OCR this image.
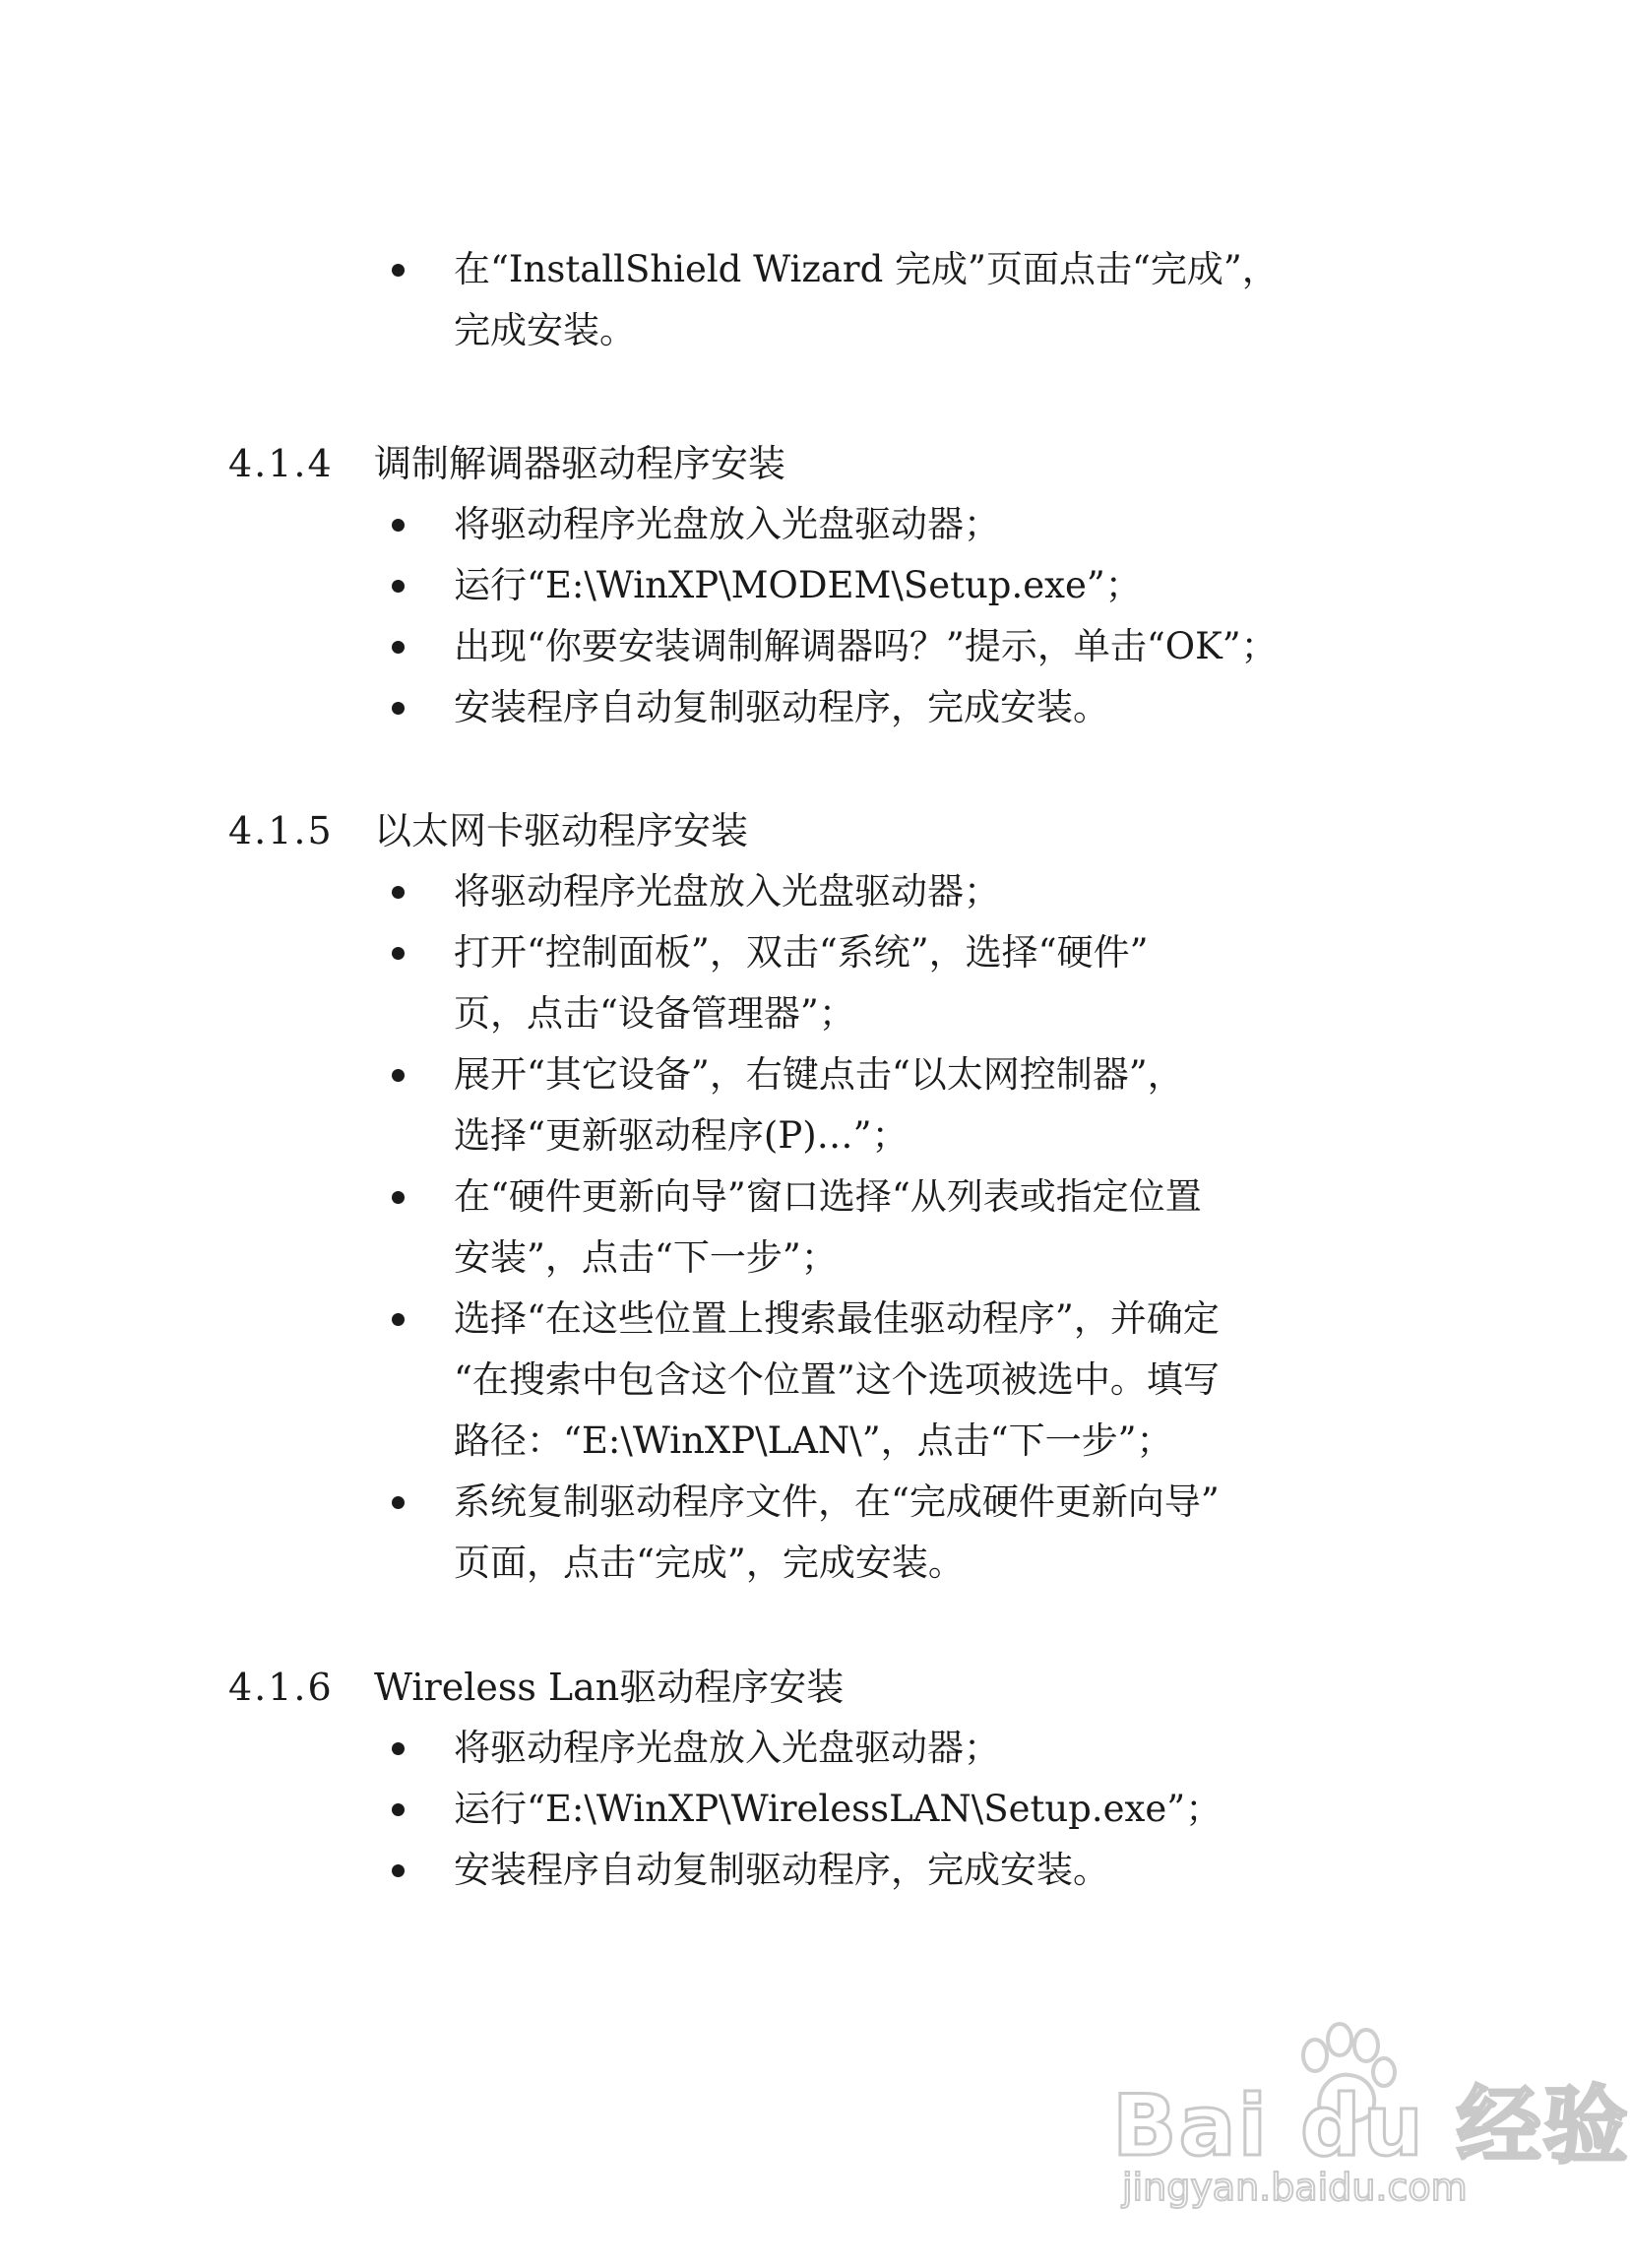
在“InstallShield Wizard 完成”页面点击“完成”，
完成安装。
4.1.4 调制解调器驱动程序安装
将驱动程序光盘放入光盘驱动器；
运行“E:\WinXP\MODEM\Setup.exe”；
出现“你要安装调制解调器吗？”提示，单击“OK”；
安装程序自动复制驱动程序，完成安装。
4.1.5 以太网卡驱动程序安装
将驱动程序光盘放入光盘驱动器；
打开“控制面板”，双击“系统”，选择“硬件”
页，点击“设备管理器”；
展开“其它设备”，右键点击“以太网控制器”，
选择“更新驱动程序(P)…”；
在“硬件更新向导”窗口选择“从列表或指定位置
安装”，点击“下一步”；
选择“在这些位置上搜索最佳驱动程序”，并确定
“在搜索中包含这个位置”这个选项被选中。填写
路径：“E:\WinXP\LAN\”，点击“下一步”；
系统复制驱动程序文件，在“完成硬件更新向导”
页面，点击“完成”，完成安装。
4.1.6 Wireless Lan驱动程序安装
将驱动程序光盘放入光盘驱动器；
运行“E:\WinXP\WirelessLAN\Setup.exe”；
安装程序自动复制驱动程序，完成安装。
Bai du 经验
jingyan.baidu.com
